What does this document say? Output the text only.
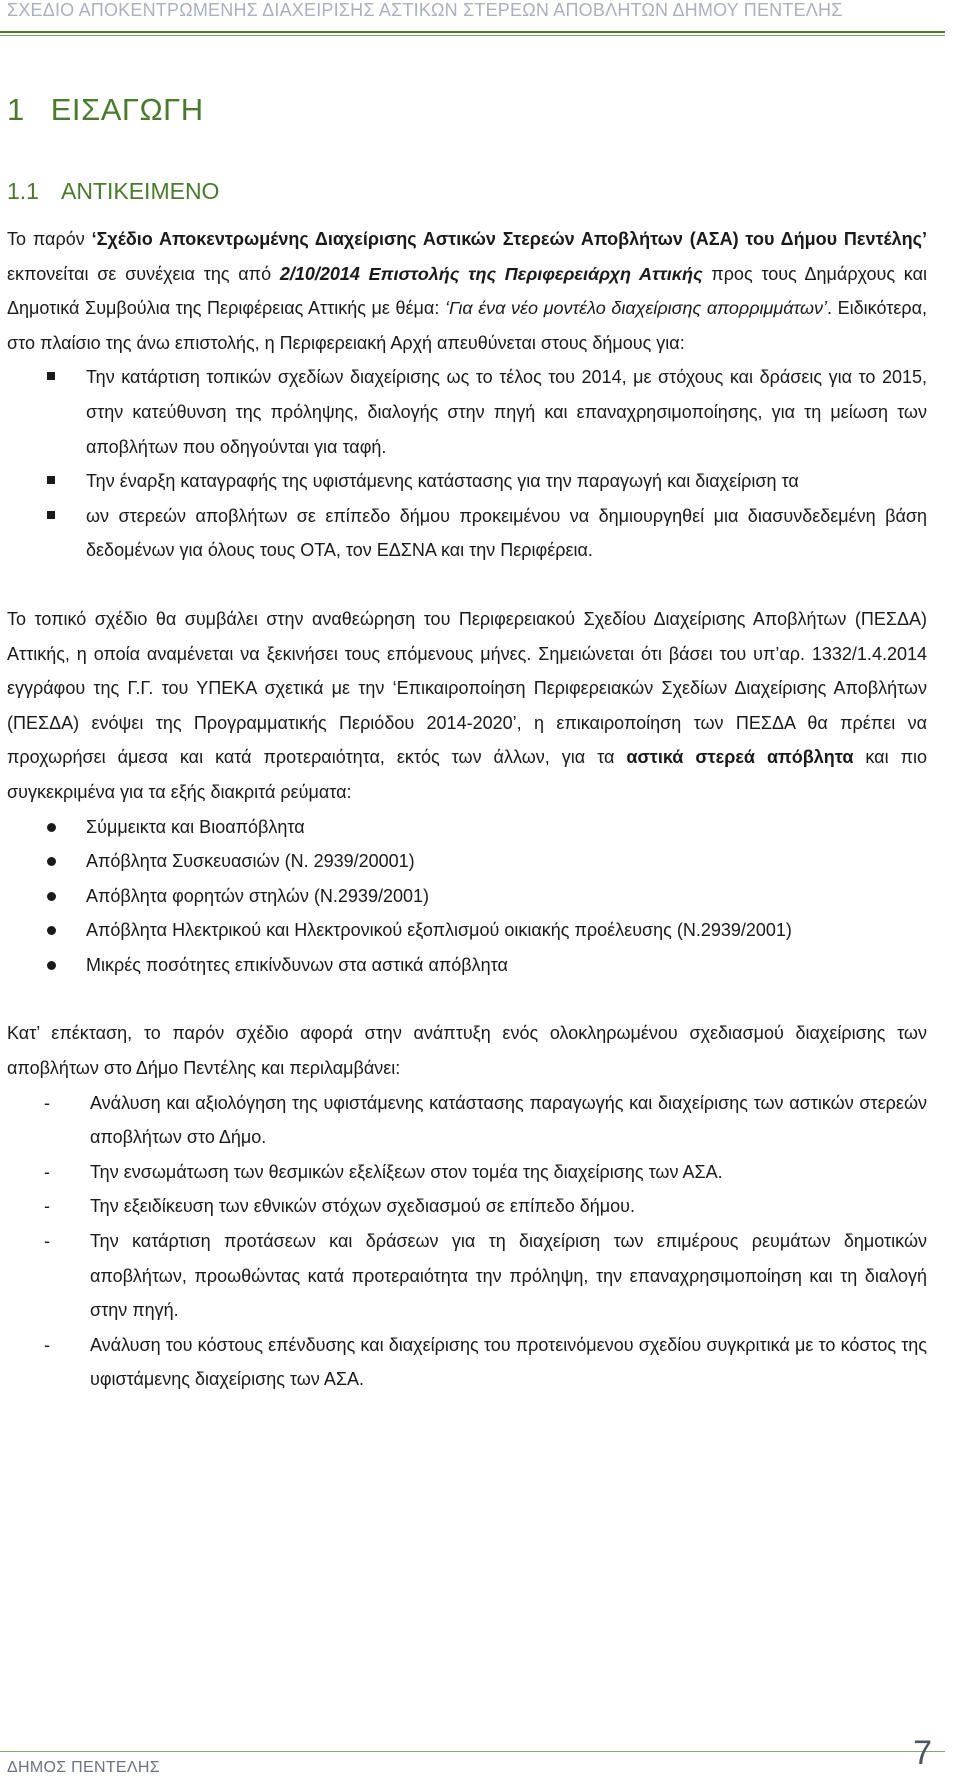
ΣΧΕΔΙΟ ΑΠΟΚΕΝΤΡΩΜΕΝΗΣ ΔΙΑΧΕΙΡΙΣΗΣ ΑΣΤΙΚΩΝ ΣΤΕΡΕΩΝ ΑΠΟΒΛΗΤΩΝ ΔΗΜΟΥ ΠΕΝΤΕΛΗΣ
1 ΕΙΣΑΓΩΓΗ
1.1 ΑΝΤΙΚΕΙΜΕΝΟ

Το παρόν ‘Σχέδιο Αποκεντρωμένης Διαχείρισης Αστικών Στερεών Αποβλήτων (ΑΣΑ) του Δήμου Πεντέλης’ εκπονείται σε συνέχεια της από 2/10/2014 Επιστολής της Περιφερειάρχη Αττικής προς τους Δημάρχους και Δημοτικά Συμβούλια της Περιφέρειας Αττικής με θέμα: ‘Για ένα νέο μοντέλο διαχείρισης απορριμμάτων’. Ειδικότερα, στο πλαίσιο της άνω επιστολής, η Περιφερειακή Αρχή απευθύνεται στους δήμους για:

Την κατάρτιση τοπικών σχεδίων διαχείρισης ως το τέλος του 2014, με στόχους και δράσεις για το 2015, στην κατεύθυνση της πρόληψης, διαλογής στην πηγή και επαναχρησιμοποίησης, για τη μείωση των αποβλήτων που οδηγούνται για ταφή.
Την έναρξη καταγραφής της υφιστάμενης κατάστασης για την παραγωγή και διαχείριση τα
ων στερεών αποβλήτων σε επίπεδο δήμου προκειμένου να δημιουργηθεί μια διασυνδεδεμένη βάση δεδομένων για όλους τους ΟΤΑ, τον ΕΔΣΝΑ και την Περιφέρεια.

Το τοπικό σχέδιο θα συμβάλει στην αναθεώρηση του Περιφερειακού Σχεδίου Διαχείρισης Αποβλήτων (ΠΕΣΔΑ) Αττικής, η οποία αναμένεται να ξεκινήσει τους επόμενους μήνες. Σημειώνεται ότι βάσει του υπ’αρ. 1332/1.4.2014 εγγράφου της Γ.Γ. του ΥΠΕΚΑ σχετικά με την ‘Επικαιροποίηση Περιφερειακών Σχεδίων Διαχείρισης Αποβλήτων (ΠΕΣΔΑ) ενόψει της Προγραμματικής Περιόδου 2014-2020’, η επικαιροποίηση των ΠΕΣΔΑ θα πρέπει να προχωρήσει άμεσα και κατά προτεραιότητα, εκτός των άλλων, για τα αστικά στερεά απόβλητα και πιο συγκεκριμένα για τα εξής διακριτά ρεύματα:

Σύμμεικτα και Βιοαπόβλητα
Απόβλητα Συσκευασιών (Ν. 2939/20001)
Απόβλητα φορητών στηλών (Ν.2939/2001)
Απόβλητα Ηλεκτρικού και Ηλεκτρονικού εξοπλισμού οικιακής προέλευσης (Ν.2939/2001)
Μικρές ποσότητες επικίνδυνων στα αστικά απόβλητα

Κατ’ επέκταση, το παρόν σχέδιο αφορά στην ανάπτυξη ενός ολοκληρωμένου σχεδιασμού διαχείρισης των αποβλήτων στο Δήμο Πεντέλης και περιλαμβάνει:

-	Ανάλυση και αξιολόγηση της υφιστάμενης κατάστασης παραγωγής και διαχείρισης των αστικών στερεών αποβλήτων στο Δήμο.
-	Την ενσωμάτωση των θεσμικών εξελίξεων στον τομέα της διαχείρισης των ΑΣΑ.
-	Την εξειδίκευση των εθνικών στόχων σχεδιασμού σε επίπεδο δήμου.
-	Την κατάρτιση προτάσεων και δράσεων για τη διαχείριση των επιμέρους ρευμάτων δημοτικών αποβλήτων, προωθώντας κατά προτεραιότητα την πρόληψη, την επαναχρησιμοποίηση και τη διαλογή στην πηγή.
-	Ανάλυση του κόστους επένδυσης και διαχείρισης του προτεινόμενου σχεδίου συγκριτικά με το κόστος της υφιστάμενης διαχείρισης των ΑΣΑ.
ΔΗΜΟΣ ΠΕΝΤΕΛΗΣ	7
